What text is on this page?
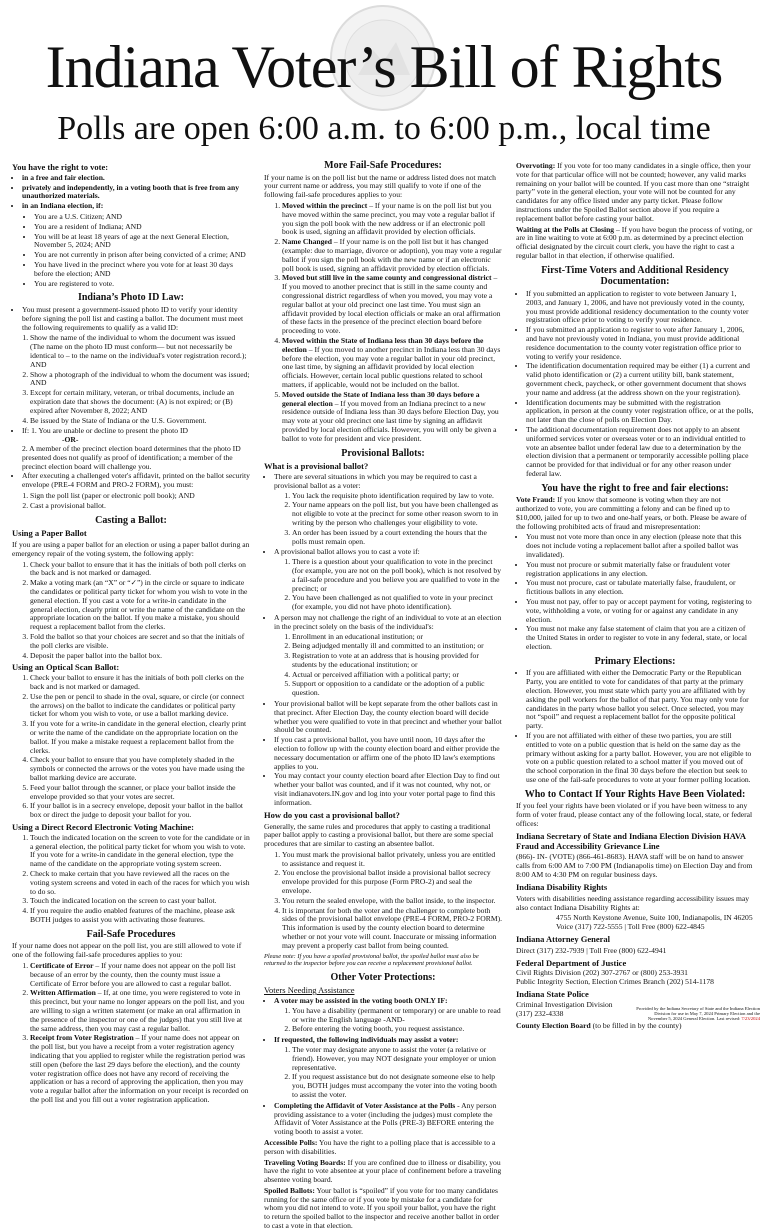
Indiana Voter’s Bill of Rights
Polls are open 6:00 a.m. to 6:00 p.m., local time
You have the right to vote:
• in a free and fair election.
• privately and independently, in a voting booth that is free from any unauthorized materials.
• in an Indiana election, if:
• You are a U.S. Citizen; AND
• You are a resident of Indiana; AND
• You will be at least 18 years of age at the next General Election, November 5, 2024; AND
• You are not currently in prison after being convicted of a crime; AND
• You have lived in the precinct where you vote for at least 30 days before the election; AND
• You are registered to vote.
Indiana’s Photo ID Law:
• You must present a government-issued photo ID to verify your identity before signing the poll list and casting a ballot. The document must meet the following requirements to qualify as a valid ID:
1. Show the name of the individual to whom the document was issued (The name on the photo ID must conform— but not necessarily be identical to – to the name on the individual's voter registration record.); AND
2. Show a photograph of the individual to whom the document was issued; AND
3. Except for certain military, veteran, or tribal documents, include an expiration date that shows the document: (A) is not expired; or (B) expired after November 8, 2022; AND
4. Be issued by the State of Indiana or the U.S. Government.
• If: 1. You are unable or decline to present the photo ID
-OR-
2. A member of the precinct election board determines that the photo ID presented does not qualify as proof of identification; a member of the precinct election board will challenge you.
• After executing a challenged voter's affidavit, printed on the ballot security envelope (PRE-4 FORM and PRO-2 FORM), you must:
1. Sign the poll list (paper or electronic poll book); AND
2. Cast a provisional ballot.
Casting a Ballot:
Using a Paper Ballot
If you are using a paper ballot for an election or using a paper ballot during an emergency repair of the voting system, the following apply:
1. Check your ballot to ensure that it has the initials of both poll clerks on the back and is not marked or damaged.
2. Make a voting mark (an “X” or “✓”) in the circle or square to indicate the candidates or political party ticket for whom you wish to vote in the general election. If you cast a vote for a write-in candidate in the general election, clearly print or write the name of the candidate on the appropriate location on the ballot. If you make a mistake, you should request a replacement ballot from the clerks.
3. Fold the ballot so that your choices are secret and so that the initials of the poll clerks are visible.
4. Deposit the paper ballot into the ballot box.
Using an Optical Scan Ballot:
1. Check your ballot to ensure it has the initials of both poll clerks on the back and is not marked or damaged.
2. Use the pen or pencil to shade in the oval, square, or circle (or connect the arrows) on the ballot to indicate the candidates or political party ticket for whom you wish to vote, or use a ballot marking device.
3. If you vote for a write-in candidate in the general election, clearly print or write the name of the candidate on the appropriate location on the ballot. If you make a mistake request a replacement ballot from the clerks.
4. Check your ballot to ensure that you have completely shaded in the symbols or connected the arrows or the votes you have made using the ballot marking device are accurate.
5. Feed your ballot through the scanner, or place your ballot inside the envelope provided so that your votes are secret.
6. If your ballot is in a secrecy envelope, deposit your ballot in the ballot box or direct the judge to deposit your ballot for you.
Using a Direct Record Electronic Voting Machine:
1. Touch the indicated location on the screen to vote for the candidate or in a general election, the political party ticket for whom you wish to vote. If you vote for a write-in candidate in the general election, type the name of the candidate on the appropriate voting system screen.
2. Check to make certain that you have reviewed all the races on the voting system screens and voted in each of the races for which you wish to do so.
3. Touch the indicated location on the screen to cast your ballot.
4. If you require the audio enabled features of the machine, please ask BOTH judges to assist you with activating those features.
Fail-Safe Procedures
If your name does not appear on the poll list, you are still allowed to vote if one of the following fail-safe procedures applies to you:
1. Certificate of Error – If your name does not appear on the poll list because of an error by the county, then the county must issue a Certificate of Error before you are allowed to cast a regular ballot.
2. Written Affirmation – If, at one time, you were registered to vote in this precinct, but your name no longer appears on the poll list, and you are willing to sign a written statement (or make an oral affirmation in the presence of the inspector or one of the judges) that you still live at the same address, then you may cast a regular ballot.
3. Receipt from Voter Registration – If your name does not appear on the poll list, but you have a receipt from a voter registration agency indicating that you applied to register while the registration period was still open (before the last 29 days before the election), and the county voter registration office does not have any record of receiving the application or has a record of approving the application, then you may vote a regular ballot after the information on your receipt is recorded on the poll list and you fill out a voter registration application.
More Fail-Safe Procedures:
If your name is on the poll list but the name or address listed does not match your current name or address, you may still qualify to vote if one of the following fail-safe procedures applies to you:
1. Moved within the precinct – If your name is on the poll list but you have moved within the same precinct, you may vote a regular ballot if you sign the poll book with the new address or if an electronic poll book is used, signing an affidavit provided by election officials.
2. Name Changed – If your name is on the poll list but it has changed (example: due to marriage, divorce or adoption), you may vote a regular ballot if you sign the poll book with the new name or if an electronic poll book is used, signing an affidavit provided by election officials.
3. Moved but still live in the same county and congressional district – If you moved to another precinct that is still in the same county and congressional district regardless of when you moved, you may vote a regular ballot at your old precinct one last time. You must sign an affidavit provided by local election officials or make an oral affirmation of these facts in the presence of the precinct election board before proceeding to vote.
4. Moved within the State of Indiana less than 30 days before the election – If you moved to another precinct in Indiana less than 30 days before the election, you may vote a regular ballot in your old precinct, one last time, by signing an affidavit provided by local election officials. However, certain local public questions related to school matters, if applicable, would not be included on the ballot.
5. Moved outside the State of Indiana less than 30 days before a general election – If you moved from an Indiana precinct to a new residence outside of Indiana less than 30 days before Election Day, you may vote at your old precinct one last time by signing an affidavit provided by local election officials. However, you will only be given a ballot to vote for president and vice president.
Provisional Ballots:
What is a provisional ballot?
• There are several situations in which you may be required to cast a provisional ballot as a voter:
1. You lack the requisite photo identification required by law to vote.
2. Your name appears on the poll list, but you have been challenged as not eligible to vote at the precinct for some other reason sworn to in writing by the person who challenges your eligibility to vote.
3. An order has been issued by a court extending the hours that the polls must remain open.
• A provisional ballot allows you to cast a vote if:
1. There is a question about your qualification to vote in the precinct (for example, you are not on the poll book), which is not resolved by a fail-safe procedure and you believe you are qualified to vote in the precinct; or
2. You have been challenged as not qualified to vote in your precinct (for example, you did not have photo identification).
• A person may not challenge the right of an individual to vote at an election in the precinct solely on the basis of the individual's:
1. Enrollment in an educational institution; or
2. Being adjudged mentally ill and committed to an institution; or
3. Registration to vote at an address that is housing provided for students by the educational institution; or
4. Actual or perceived affiliation with a political party; or
5. Support or opposition to a candidate or the adoption of a public question.
• Your provisional ballot will be kept separate from the other ballots cast in that precinct. After Election Day, the county election board will decide whether you were qualified to vote in that precinct and whether your ballot should be counted.
• If you cast a provisional ballot, you have until noon, 10 days after the election to follow up with the county election board and either provide the necessary documentation or affirm one of the photo ID law's exemptions applies to you.
• You may contact your county election board after Election Day to find out whether your ballot was counted, and if it was not counted, why not, or visit indianavoters.IN.gov and log into your voter portal page to find this information.
How do you cast a provisional ballot?
Generally, the same rules and procedures that apply to casting a traditional paper ballot apply to casting a provisional ballot, but there are some special procedures that are similar to casting an absentee ballot.
1. You must mark the provisional ballot privately, unless you are entitled to assistance and request it.
2. You enclose the provisional ballot inside a provisional ballot secrecy envelope provided for this purpose (Form PRO-2) and seal the envelope.
3. You return the sealed envelope, with the ballot inside, to the inspector.
4. It is important for both the voter and the challenger to complete both sides of the provisional ballot envelope (PRE-4 FORM, PRO-2 FORM). This information is used by the county election board to determine whether or not your vote will count. Inaccurate or missing information may prevent a properly cast ballot from being counted.
Please note: If you have a spoiled provisional ballot, the spoiled ballot must also be returned to the inspector before you can receive a replacement provisional ballot.
Other Voter Protections:
Voters Needing Assistance
• A voter may be assisted in the voting booth ONLY IF:
1. You have a disability (permanent or temporary) or are unable to read or write the English language -AND-
2. Before entering the voting booth, you request assistance.
• If requested, the following individuals may assist a voter:
1. The voter may designate anyone to assist the voter (a relative or friend). However, you may NOT designate your employer or union representative.
2. If you request assistance but do not designate someone else to help you, BOTH judges must accompany the voter into the voting booth to assist the voter.
• Completing the Affidavit of Voter Assistance at the Polls - Any person providing assistance to a voter (including the judges) must complete the Affidavit of Voter Assistance at the Polls (PRE-3) BEFORE entering the voting booth to assist a voter.
Accessible Polls: You have the right to a polling place that is accessible to a person with disabilities.
Traveling Voting Boards: If you are confined due to illness or disability, you have the right to vote absentee at your place of confinement before a traveling absentee voting board.
Spoiled Ballots: Your ballot is “spoiled” if you vote for too many candidates running for the same office or if you vote by mistake for a candidate for whom you did not intend to vote. If you spoil your ballot, you have the right to return the spoiled ballot to the inspector and receive another ballot in order to cast a vote in that election.
Overvoting: If you vote for too many candidates in a single office, then your vote for that particular office will not be counted; however, any valid marks remaining on your ballot will be counted. If you cast more than one “straight party” vote in the general election, your vote will not be counted for any candidates for any office listed under any party ticket. Please follow instructions under the Spoiled Ballot section above if you require a replacement ballot before casting your ballot.
Waiting at the Polls at Closing – If you have begun the process of voting, or are in line waiting to vote at 6:00 p.m. as determined by a precinct election official designated by the circuit court clerk, you have the right to cast a regular ballot in that election, if otherwise qualified.
First-Time Voters and Additional Residency Documentation:
• If you submitted an application to register to vote between January 1, 2003, and January 1, 2006, and have not previously voted in the county, you must provide additional residency documentation to the county voter registration office prior to voting to verify your residence.
• If you submitted an application to register to vote after January 1, 2006, and have not previously voted in Indiana, you must provide additional residence documentation to the county voter registration office prior to voting to verify your residence.
• The identification documentation required may be either (1) a current and valid photo identification or (2) a current utility bill, bank statement, government check, paycheck, or other government document that shows your name and address (at the address shown on the your registration).
• Identification documents may be submitted with the registration application, in person at the county voter registration office, or at the polls, not later than the close of polls on Election Day.
• The additional documentation requirement does not apply to an absent uniformed services voter or overseas voter or to an individual entitled to vote an absentee ballot under federal law due to a determination by the election division that a permanent or temporarily accessible polling place cannot be provided for that individual or for any other reason under federal law.
You have the right to free and fair elections:
Vote Fraud: If you know that someone is voting when they are not authorized to vote, you are committing a felony and can be fined up to $10,000, jailed for up to two and one-half years, or both. Please be aware of the following prohibited acts of fraud and misrepresentation:
• You must not vote more than once in any election (please note that this does not include voting a replacement ballot after a spoiled ballot was invalidated).
• You must not procure or submit materially false or fraudulent voter registration applications in any election.
• You must not procure, cast or tabulate materially false, fraudulent, or fictitious ballots in any election.
• You must not pay, offer to pay or accept payment for voting, registering to vote, withholding a vote, or voting for or against any candidate in any election.
• You must not make any false statement of claim that you are a citizen of the United States in order to register to vote in any federal, state, or local election.
Primary Elections:
• If you are affiliated with either the Democratic Party or the Republican Party, you are entitled to vote for candidates of that party at the primary election. However, you must state which party you are affiliated with by asking the poll workers for the ballot of that party. You may only vote for candidates in the party whose ballot you select. Once selected, you may not “spoil” and request a replacement ballot for the opposite political party.
• If you are not affiliated with either of these two parties, you are still entitled to vote on a public question that is held on the same day as the primary without asking for a party ballot. However, you are not eligible to vote on a public question related to a school matter if you moved out of the school corporation in the final 30 days before the election but seek to use one of the fail-safe procedures to vote at your former polling location.
Who to Contact If Your Rights Have Been Violated:
If you feel your rights have been violated or if you have been witness to any form of voter fraud, please contact any of the following local, state, or federal offices:
Indiana Secretary of State and Indiana Election Division HAVA Fraud and Accessibility Grievance Line
(866)- IN- (VOTE) (866-461-8683). HAVA staff will be on hand to answer calls from 6:00 AM to 7:00 PM (Indianapolis time) on Election Day and from 8:00 AM to 4:30 PM on regular business days.
Indiana Disability Rights
Voters with disabilities needing assistance regarding accessibility issues may also contact Indiana Disability Rights at:
4755 North Keystone Avenue, Suite 100, Indianapolis, IN 46205
Voice (317) 722-5555 | Toll Free (800) 622-4845
Indiana Attorney General
Direct (317) 232-7939 | Toll Free (800) 622-4941
Federal Department of Justice
Civil Rights Division (202) 307-2767 or (800) 253-3931
Public Integrity Section, Election Crimes Branch (202) 514-1178
Indiana State Police
Criminal Investigation Division
(317) 232-4338
County Election Board (to be filled in by the county)
Provided by the Indiana Secretary of State and the Indiana Election
Division for use in May 7, 2024 Primary Election and the
November 5, 2024 General Election. Last revised: 7/23/2024
